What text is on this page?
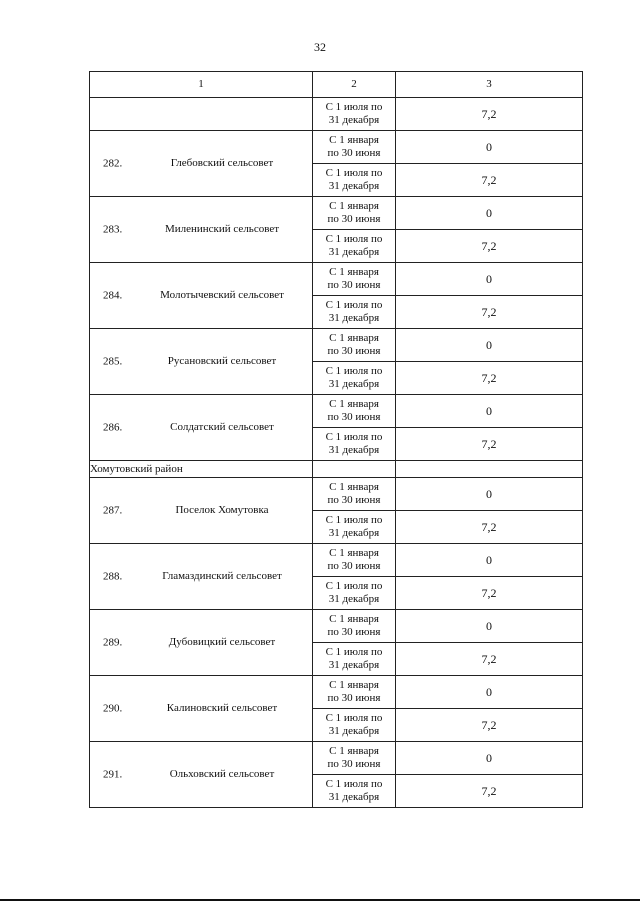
32
1	2	3
	С 1 июля по
31 декабря	7,2

282. Глебовский сельсовет	С 1 января
по 30 июня	0
	С 1 июля по
31 декабря	7,2

283. Миленинский сельсовет	С 1 января
по 30 июня	0
	С 1 июля по
31 декабря	7,2

284. Молотычевский сельсовет	С 1 января
по 30 июня	0
	С 1 июля по
31 декабря	7,2

285. Русановский сельсовет	С 1 января
по 30 июня	0
	С 1 июля по
31 декабря	7,2

286. Солдатский сельсовет	С 1 января
по 30 июня	0
	С 1 июля по
31 декабря	7,2
Хомутовский район		

287. Поселок Хомутовка	С 1 января
по 30 июня	0
	С 1 июля по
31 декабря	7,2

288. Гламаздинский сельсовет	С 1 января
по 30 июня	0
	С 1 июля по
31 декабря	7,2

289. Дубовицкий сельсовет	С 1 января
по 30 июня	0
	С 1 июля по
31 декабря	7,2

290. Калиновский сельсовет	С 1 января
по 30 июня	0
	С 1 июля по
31 декабря	7,2

291. Ольховский сельсовет	С 1 января
по 30 июня	0
	С 1 июля по
31 декабря	7,2
